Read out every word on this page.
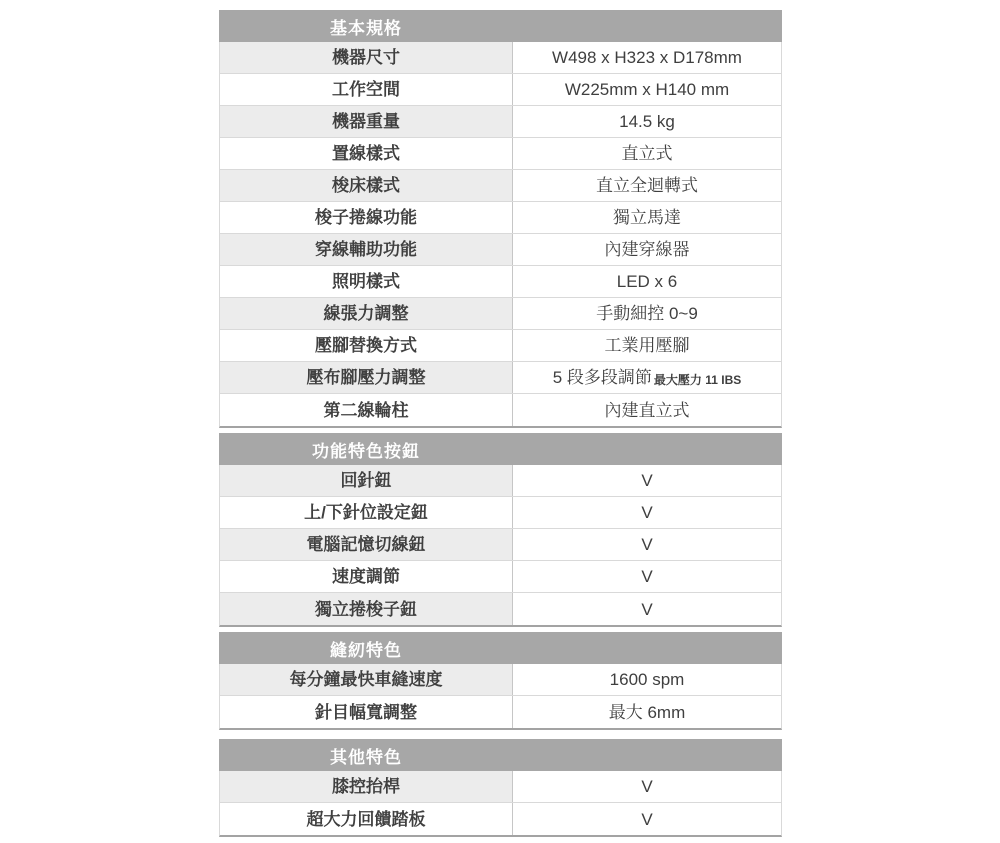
基本規格
機器尺寸	W498 x H323 x D178mm
工作空間	W225mm x H140 mm
機器重量	14.5 kg
置線樣式	直立式
梭床樣式	直立全迴轉式
梭子捲線功能	獨立馬達
穿線輔助功能	內建穿線器
照明樣式	LED x 6
線張力調整	手動細控 0~9
壓腳替換方式	工業用壓腳
壓布腳壓力調整	5 段多段調節 最大壓力 11 IBS
第二線輪柱	內建直立式
功能特色按鈕
回針鈕	V
上/下針位設定鈕	V
電腦記憶切線鈕	V
速度調節	V
獨立捲梭子鈕	V
縫紉特色
每分鐘最快車縫速度	1600 spm
針目幅寬調整	最大 6mm
其他特色
膝控抬桿	V
超大力回饋踏板	V
